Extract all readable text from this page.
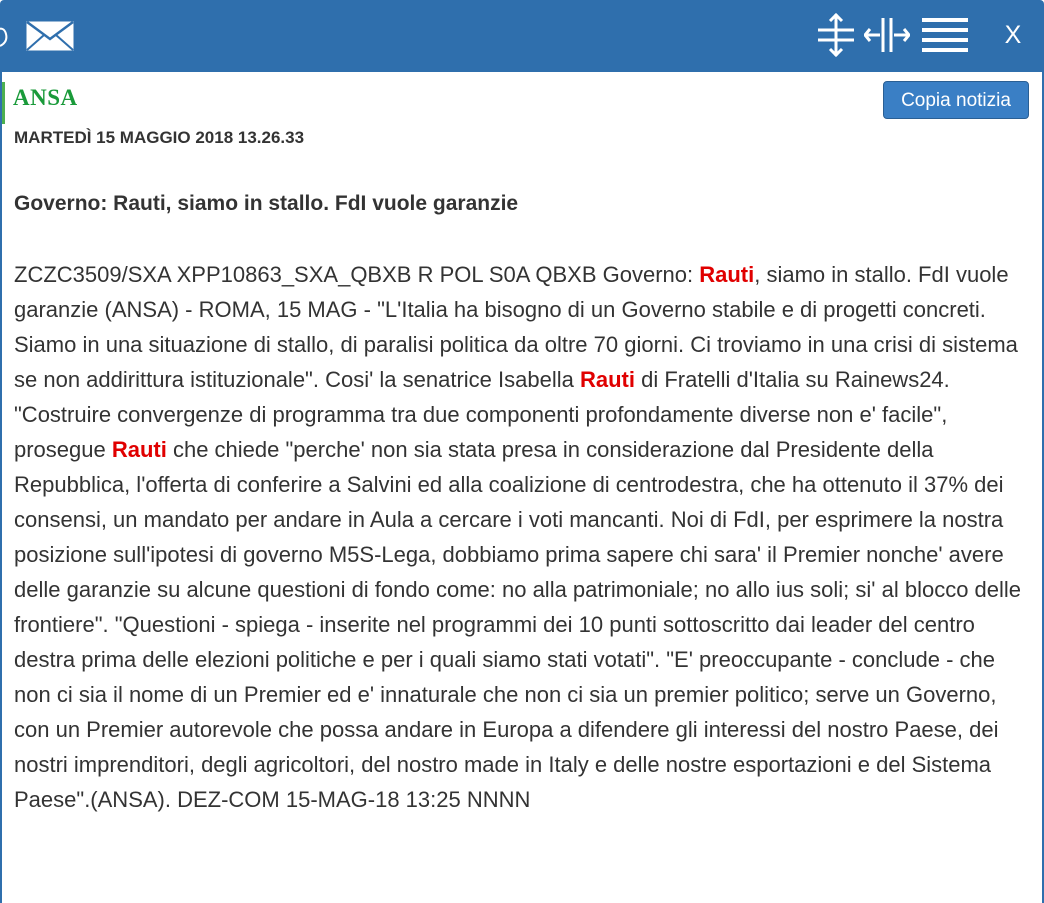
X
ANSA	Copia notizia
MARTEDÌ 15 MAGGIO 2018 13.26.33
Governo: Rauti, siamo in stallo. FdI vuole garanzie

ZCZC3509/SXA XPP10863_SXA_QBXB R POL S0A QBXB Governo: Rauti, siamo in stallo. FdI vuole garanzie (ANSA) - ROMA, 15 MAG - "L'Italia ha bisogno di un Governo stabile e di progetti concreti. Siamo in una situazione di stallo, di paralisi politica da oltre 70 giorni. Ci troviamo in una crisi di sistema se non addirittura istituzionale". Cosi' la senatrice Isabella Rauti di Fratelli d'Italia su Rainews24. "Costruire convergenze di programma tra due componenti profondamente diverse non e' facile", prosegue Rauti che chiede "perche' non sia stata presa in considerazione dal Presidente della Repubblica, l'offerta di conferire a Salvini ed alla coalizione di centrodestra, che ha ottenuto il 37% dei consensi, un mandato per andare in Aula a cercare i voti mancanti. Noi di FdI, per esprimere la nostra posizione sull'ipotesi di governo M5S-Lega, dobbiamo prima sapere chi sara' il Premier nonche' avere delle garanzie su alcune questioni di fondo come: no alla patrimoniale; no allo ius soli; si' al blocco delle frontiere". "Questioni - spiega - inserite nel programmi dei 10 punti sottoscritto dai leader del centro destra prima delle elezioni politiche e per i quali siamo stati votati". "E' preoccupante - conclude - che non ci sia il nome di un Premier ed e' innaturale che non ci sia un premier politico; serve un Governo, con un Premier autorevole che possa andare in Europa a difendere gli interessi del nostro Paese, dei nostri imprenditori, degli agricoltori, del nostro made in Italy e delle nostre esportazioni e del Sistema Paese".(ANSA). DEZ-COM 15-MAG-18 13:25 NNNN
